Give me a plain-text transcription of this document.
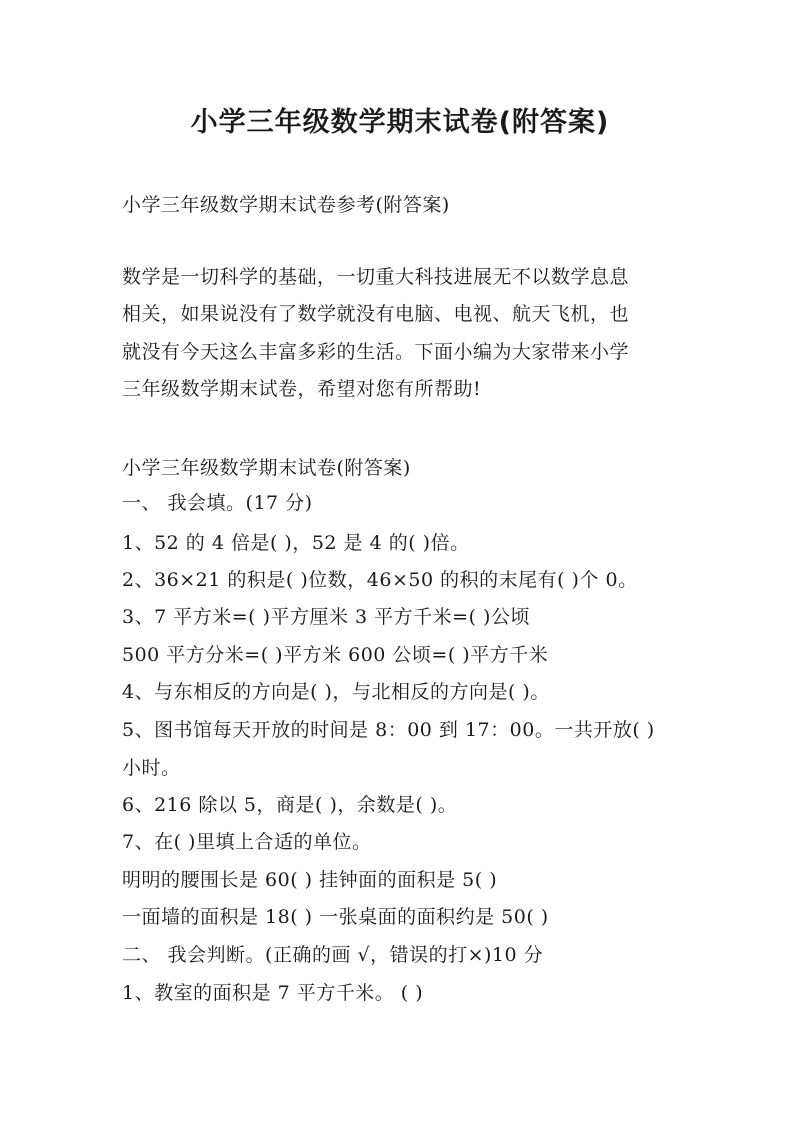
小学三年级数学期末试卷(附答案)
小学三年级数学期末试卷参考(附答案)
数学是一切科学的基础，一切重大科技进展无不以数学息息
相关，如果说没有了数学就没有电脑、电视、航天飞机，也
就没有今天这么丰富多彩的生活。下面小编为大家带来小学
三年级数学期末试卷，希望对您有所帮助!
小学三年级数学期末试卷(附答案)
一、 我会填。(17 分)
1、52 的 4 倍是( )，52 是 4 的( )倍。
2、36×21 的积是( )位数，46×50 的积的末尾有( )个 0。
3、7 平方米=( )平方厘米 3 平方千米=( )公顷
500 平方分米=( )平方米 600 公顷=( )平方千米
4、与东相反的方向是( )，与北相反的方向是( )。
5、图书馆每天开放的时间是 8：00 到 17：00。一共开放( )
小时。
6、216 除以 5，商是( )，余数是( )。
7、在( )里填上合适的单位。
明明的腰围长是 60( ) 挂钟面的面积是 5( )
一面墙的面积是 18( ) 一张桌面的面积约是 50( )
二、 我会判断。(正确的画 √，错误的打×)10 分
1、教室的面积是 7 平方千米。 ( )
